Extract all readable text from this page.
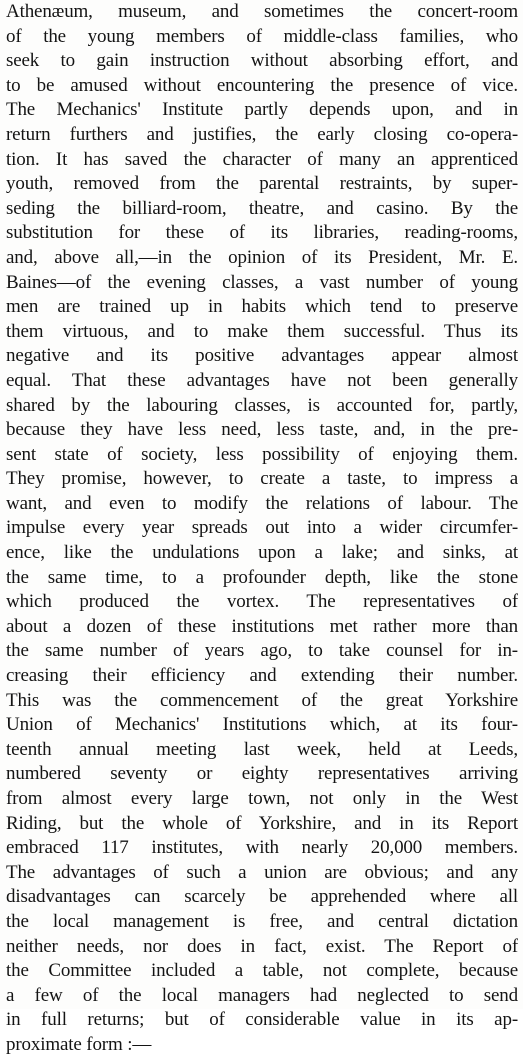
Athenæum, museum, and sometimes the concert-room
of the young members of middle-class families, who
seek to gain instruction without absorbing effort, and
to be amused without encountering the presence of vice.
The Mechanics' Institute partly depends upon, and in
return furthers and justifies, the early closing co-opera-
tion. It has saved the character of many an apprenticed
youth, removed from the parental restraints, by super-
seding the billiard-room, theatre, and casino. By the
substitution for these of its libraries, reading-rooms,
and, above all,—in the opinion of its President, Mr. E.
Baines—of the evening classes, a vast number of young
men are trained up in habits which tend to preserve
them virtuous, and to make them successful. Thus its
negative and its positive advantages appear almost
equal. That these advantages have not been generally
shared by the labouring classes, is accounted for, partly,
because they have less need, less taste, and, in the pre-
sent state of society, less possibility of enjoying them.
They promise, however, to create a taste, to impress a
want, and even to modify the relations of labour. The
impulse every year spreads out into a wider circumfer-
ence, like the undulations upon a lake; and sinks, at
the same time, to a profounder depth, like the stone
which produced the vortex. The representatives of
about a dozen of these institutions met rather more than
the same number of years ago, to take counsel for in-
creasing their efficiency and extending their number.
This was the commencement of the great Yorkshire
Union of Mechanics' Institutions which, at its four-
teenth annual meeting last week, held at Leeds,
numbered seventy or eighty representatives arriving
from almost every large town, not only in the West
Riding, but the whole of Yorkshire, and in its Report
embraced 117 institutes, with nearly 20,000 members.
The advantages of such a union are obvious; and any
disadvantages can scarcely be apprehended where all
the local management is free, and central dictation
neither needs, nor does in fact, exist. The Report of
the Committee included a table, not complete, because
a few of the local managers had neglected to send
in full returns; but of considerable value in its ap-
proximate form :—
